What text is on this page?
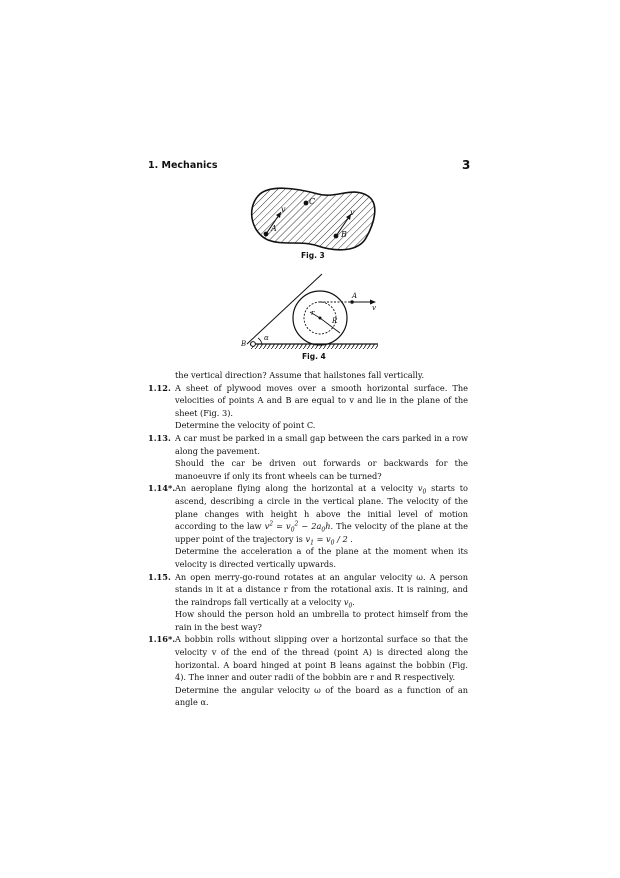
1. Mechanics	3
C
A
B
v	v
Fig. 3
A
v
r
R
B
α
Fig. 4

the vertical direction? Assume that hailstones fall vertically.

1.12. A sheet of plywood moves over a smooth horizontal surface. The velocities of points A and B are equal to v and lie in the plane of the sheet (Fig. 3).
Determine the velocity of point C.
1.13. A car must be parked in a small gap between the cars parked in a row along the pavement.
Should the car be driven out forwards or backwards for the manoeuvre if only its front wheels can be turned?
1.14*. An aeroplane flying along the horizontal at a velocity $v_0$ starts to ascend, describing a circle in the vertical plane. The velocity of the plane changes with height h above the initial level of motion according to the law $v^2 = v_0^2 - 2a_0h$. The velocity of the plane at the upper point of the trajectory is $v_1 = v_0 / 2$ .
Determine the acceleration a of the plane at the moment when its velocity is directed vertically upwards.
1.15. An open merry-go-round rotates at an angular velocity ω. A person stands in it at a distance r from the rotational axis. It is raining, and the raindrops fall vertically at a velocity $v_0$.
How should the person hold an umbrella to protect himself from the rain in the best way?
1.16*. A bobbin rolls without slipping over a horizontal surface so that the velocity v of the end of the thread (point A) is directed along the horizontal. A board hinged at point B leans against the bobbin (Fig. 4). The inner and outer radii of the bobbin are r and R respectively.
Determine the angular velocity ω of the board as a function of an angle α.
